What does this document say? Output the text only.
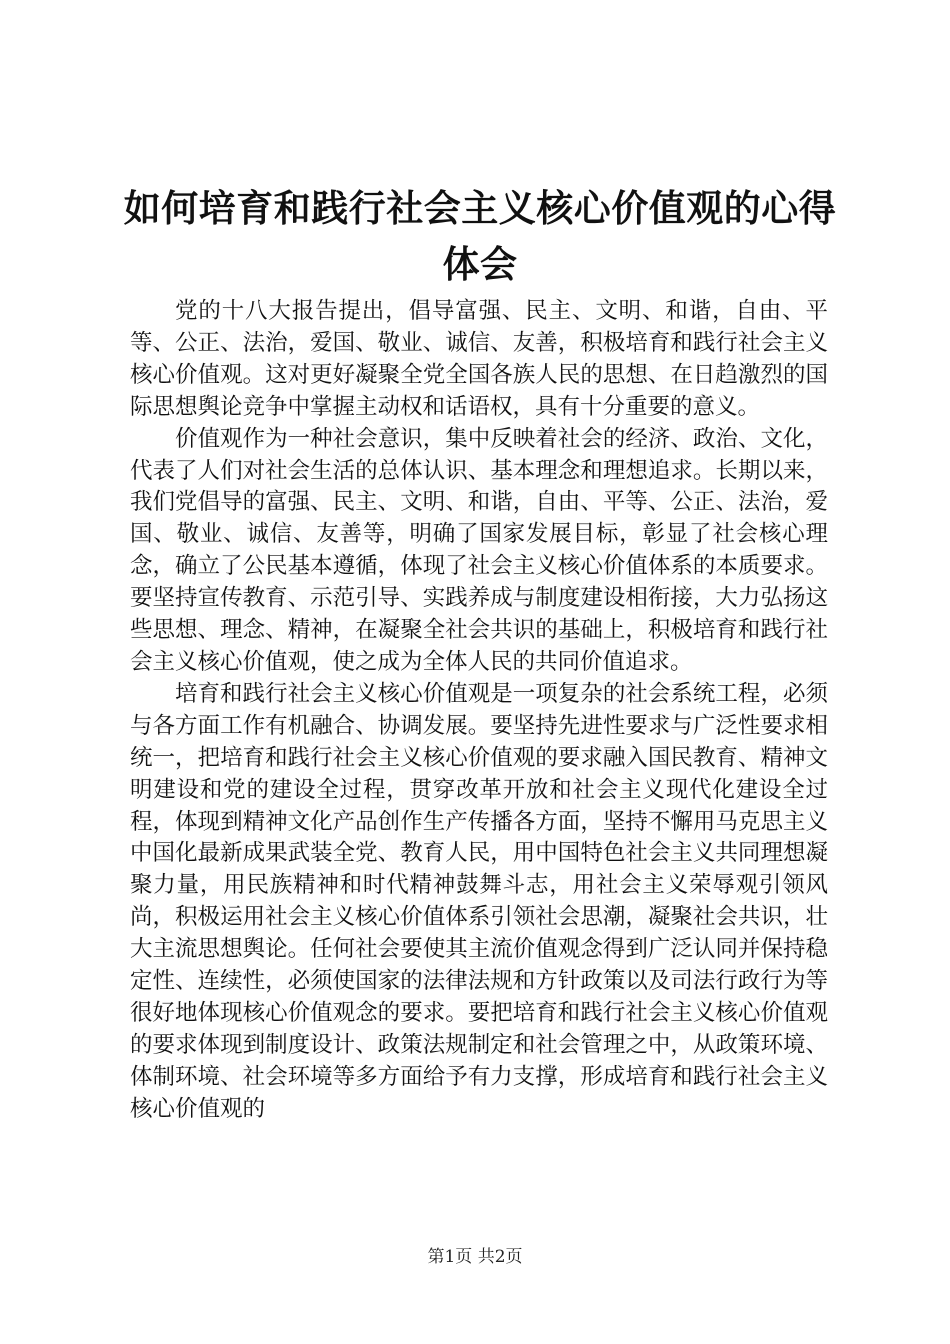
如何培育和践行社会主义核心价值观的心得体会

党的十八大报告提出，倡导富强、民主、文明、和谐，自由、平等、公正、法治，爱国、敬业、诚信、友善，积极培育和践行社会主义核心价值观。这对更好凝聚全党全国各族人民的思想、在日趋激烈的国际思想舆论竞争中掌握主动权和话语权，具有十分重要的意义。

价值观作为一种社会意识，集中反映着社会的经济、政治、文化，代表了人们对社会生活的总体认识、基本理念和理想追求。长期以来，我们党倡导的富强、民主、文明、和谐，自由、平等、公正、法治，爱国、敬业、诚信、友善等，明确了国家发展目标，彰显了社会核心理念，确立了公民基本遵循，体现了社会主义核心价值体系的本质要求。要坚持宣传教育、示范引导、实践养成与制度建设相衔接，大力弘扬这些思想、理念、精神，在凝聚全社会共识的基础上，积极培育和践行社会主义核心价值观，使之成为全体人民的共同价值追求。

培育和践行社会主义核心价值观是一项复杂的社会系统工程，必须与各方面工作有机融合、协调发展。要坚持先进性要求与广泛性要求相统一，把培育和践行社会主义核心价值观的要求融入国民教育、精神文明建设和党的建设全过程，贯穿改革开放和社会主义现代化建设全过程，体现到精神文化产品创作生产传播各方面，坚持不懈用马克思主义中国化最新成果武装全党、教育人民，用中国特色社会主义共同理想凝聚力量，用民族精神和时代精神鼓舞斗志，用社会主义荣辱观引领风尚，积极运用社会主义核心价值体系引领社会思潮，凝聚社会共识，壮大主流思想舆论。任何社会要使其主流价值观念得到广泛认同并保持稳定性、连续性，必须使国家的法律法规和方针政策以及司法行政行为等很好地体现核心价值观念的要求。要把培育和践行社会主义核心价值观的要求体现到制度设计、政策法规制定和社会管理之中，从政策环境、体制环境、社会环境等多方面给予有力支撑，形成培育和践行社会主义核心价值观的

第1页 共2页
